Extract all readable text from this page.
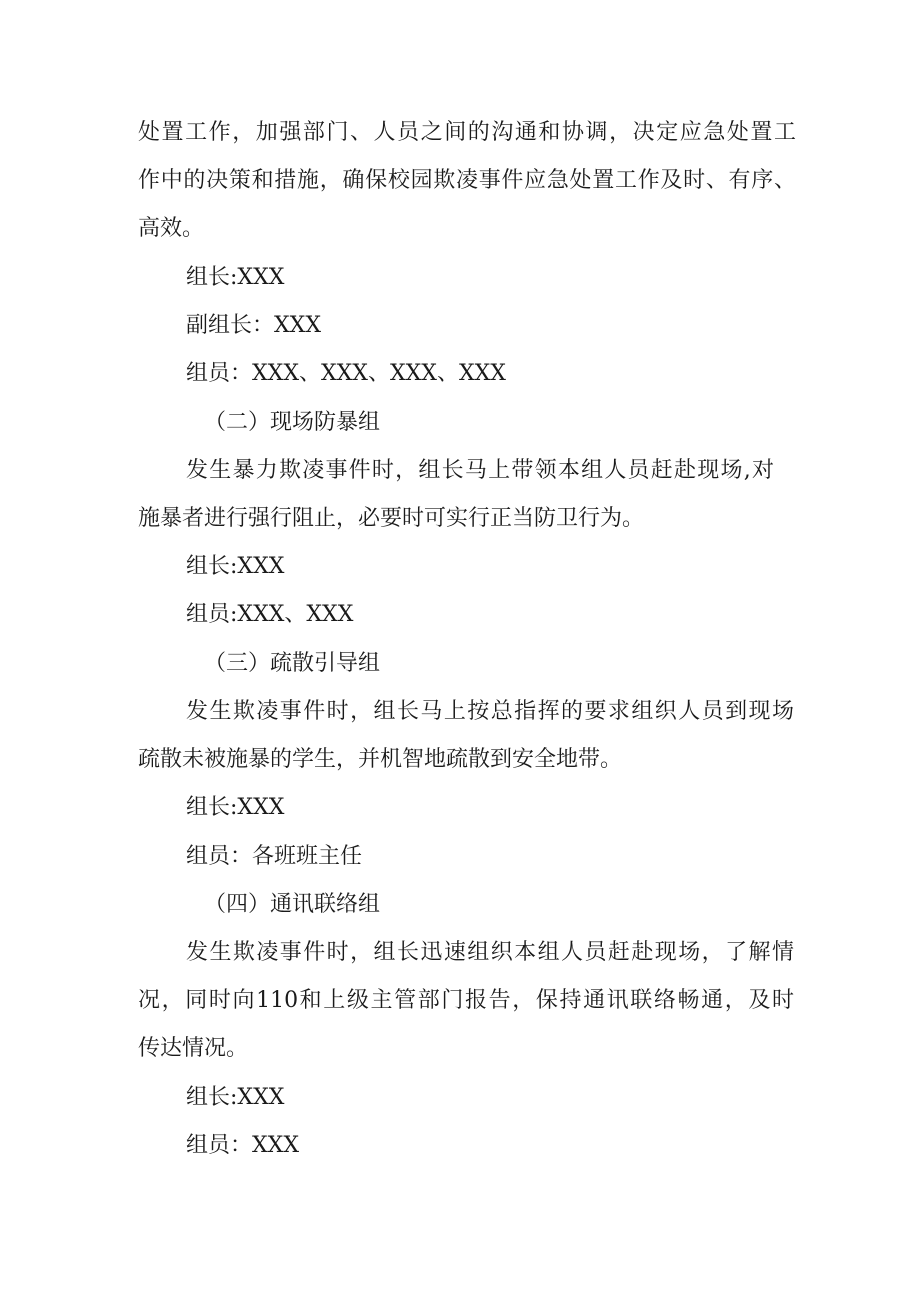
处置工作，加强部门、人员之间的沟通和协调，决定应急处置工
作中的决策和措施，确保校园欺凌事件应急处置工作及时、有序、
高效。
组长:XXX
副组长：XXX
组员：XXX、XXX、XXX、XXX
（二）现场防暴组
发生暴力欺凌事件时，组长马上带领本组人员赶赴现场,对
施暴者进行强行阻止，必要时可实行正当防卫行为。
组长:XXX
组员:XXX、XXX
（三）疏散引导组
发生欺凌事件时，组长马上按总指挥的要求组织人员到现场
疏散未被施暴的学生，并机智地疏散到安全地带。
组长:XXX
组员：各班班主任
（四）通讯联络组
发生欺凌事件时，组长迅速组织本组人员赶赴现场，了解情
况，同时向110和上级主管部门报告，保持通讯联络畅通，及时
传达情况。
组长:XXX
组员：XXX
